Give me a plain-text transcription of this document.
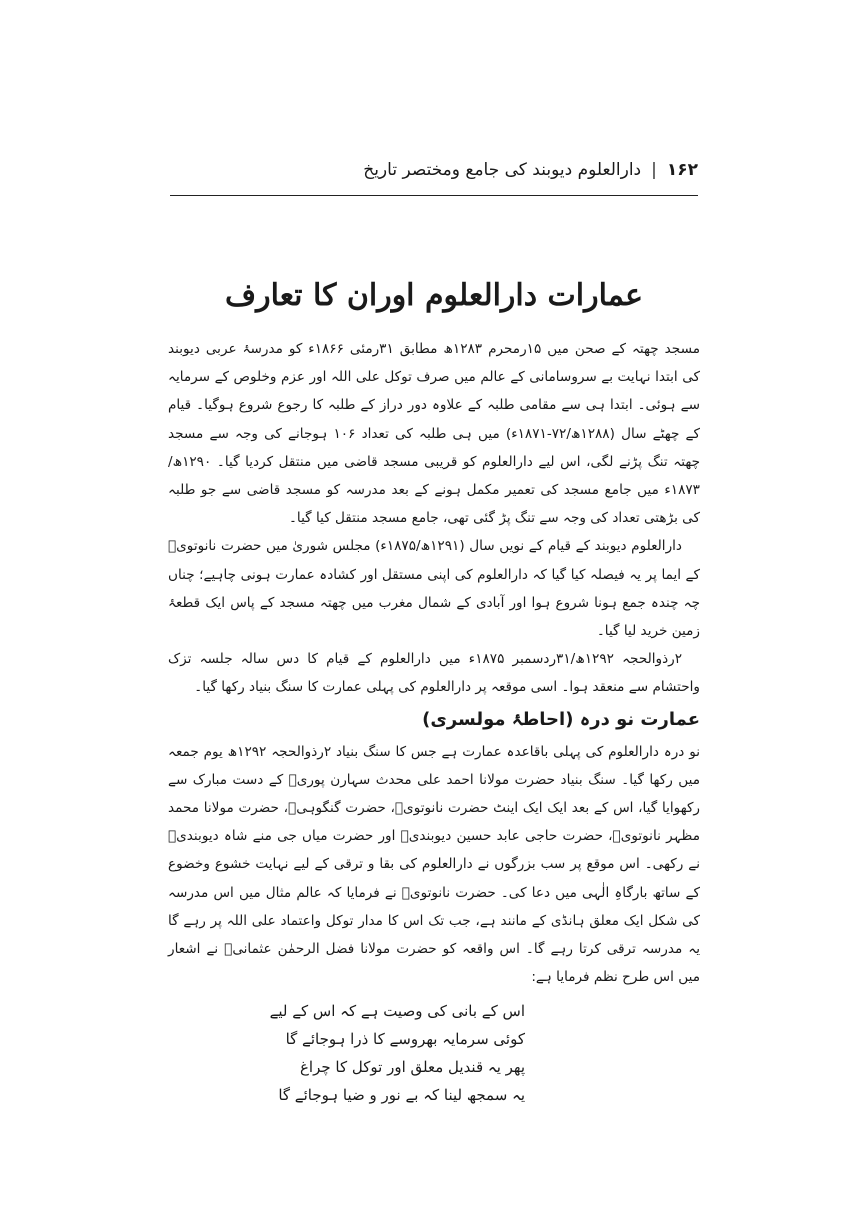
۱۶۲
|
دارالعلوم دیوبند کی جامع ومختصر تاریخ
عمارات دارالعلوم اوران کا تعارف

مسجد چھتہ کے صحن میں ۱۵رمحرم ۱۲۸۳ھ مطابق ۳۱رمئی ۱۸۶۶ء کو مدرسۂ عربی دیوبند کی ابتدا نہایت بے سروسامانی کے عالم میں صرف توکل علی اللہ اور عزم وخلوص کے سرمایہ سے ہوئی۔ ابتدا ہی سے مقامی طلبہ کے علاوہ دور دراز کے طلبہ کا رجوع شروع ہوگیا۔ قیام کے چھٹے سال (۱۲۸۸ھ/۷۲-۱۸۷۱ء) میں ہی طلبہ کی تعداد ۱۰۶ ہوجانے کی وجہ سے مسجد چھتہ تنگ پڑنے لگی، اس لیے دارالعلوم کو قریبی مسجد قاضی میں منتقل کردیا گیا۔ ۱۲۹۰ھ/۱۸۷۳ء میں جامع مسجد کی تعمیر مکمل ہونے کے بعد مدرسہ کو مسجد قاضی سے جو طلبہ کی بڑھتی تعداد کی وجہ سے تنگ پڑ گئی تھی، جامع مسجد منتقل کیا گیا۔

دارالعلوم دیوبند کے قیام کے نویں سال (۱۲۹۱ھ/۱۸۷۵ء) مجلس شوریٰ میں حضرت نانوتویؒ کے ایما پر یہ فیصلہ کیا گیا کہ دارالعلوم کی اپنی مستقل اور کشادہ عمارت ہونی چاہیے؛ چناں چہ چندہ جمع ہونا شروع ہوا اور آبادی کے شمال مغرب میں چھتہ مسجد کے پاس ایک قطعۂ زمین خرید لیا گیا۔

۲رذوالحجہ ۱۲۹۲ھ/۳۱ردسمبر ۱۸۷۵ء میں دارالعلوم کے قیام کا دس سالہ جلسہ تزک واحتشام سے منعقد ہوا۔ اسی موقعہ پر دارالعلوم کی پہلی عمارت کا سنگ بنیاد رکھا گیا۔

عمارت نو درہ (احاطۂ مولسری)

نو درہ دارالعلوم کی پہلی باقاعدہ عمارت ہے جس کا سنگ بنیاد ۲رذوالحجہ ۱۲۹۲ھ یوم جمعہ میں رکھا گیا۔ سنگ بنیاد حضرت مولانا احمد علی محدث سہارن پوریؒ کے دست مبارک سے رکھوایا گیا، اس کے بعد ایک ایک اینٹ حضرت نانوتویؒ، حضرت گنگوہیؒ، حضرت مولانا محمد مظہر نانوتویؒ، حضرت حاجی عابد حسین دیوبندیؒ اور حضرت میاں جی منے شاہ دیوبندیؒ نے رکھی۔ اس موقع پر سب بزرگوں نے دارالعلوم کی بقا و ترقی کے لیے نہایت خشوع وخضوع کے ساتھ بارگاہِ الٰہی میں دعا کی۔ حضرت نانوتویؒ نے فرمایا کہ عالم مثال میں اس مدرسہ کی شکل ایک معلق ہانڈی کے مانند ہے، جب تک اس کا مدار توکل واعتماد علی اللہ پر رہے گا یہ مدرسہ ترقی کرتا رہے گا۔ اس واقعہ کو حضرت مولانا فضل الرحمٰن عثمانیؒ نے اشعار میں اس طرح نظم فرمایا ہے:

اس کے بانی کی وصیت ہے کہ اس کے لیے
کوئی سرمایہ بھروسے کا ذرا ہوجائے گا
پھر یہ قندیل معلق اور توکل کا چراغ
یہ سمجھ لینا کہ بے نور و ضیا ہوجائے گا
